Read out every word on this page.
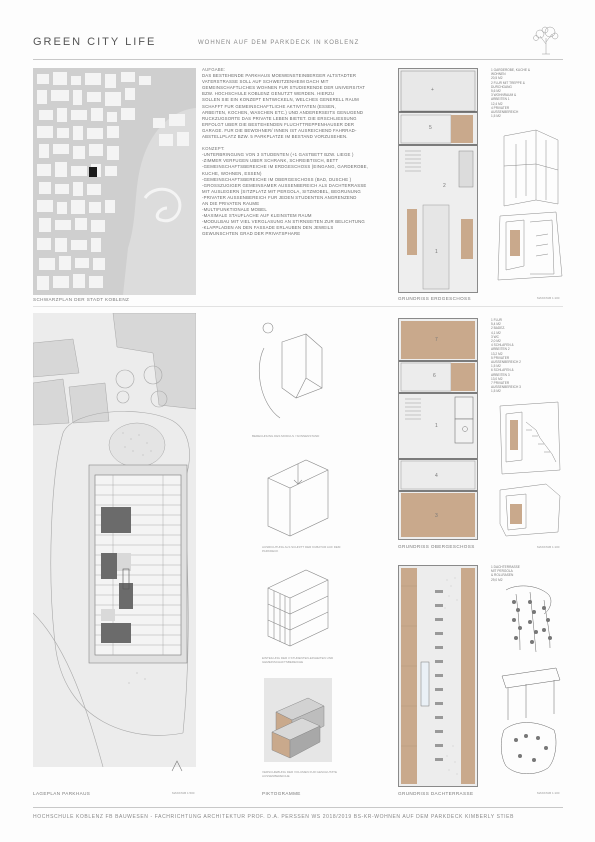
GREEN CITY LIFE	WOHNEN AUF DEM PARKDECK IN KOBLENZ
SCHWARZPLAN DER STADT KOBLENZ

AUFGABE:

DAS BESTEHENDE PARKHAUS MOEWENSTEINBERGER ALTSTADTER

VATERSTRASSE SOLL AUF SCHWEITZENHEIM DACH MIT

GEMEINSCHAFTLICHES WOHNEN FUR STUDIERENDE DER UNIVERSITAT

BZW. HOCHSCHULE KOBLENZ GENUTZT WERDEN. HIERZU

SOLLEN SIE EIN KONZEPT ENTWICKELN, WELCHES GENERELL RAUM

SCHAFFT FUR GEMEINSCHAFTLICHE AKTIVITATEN (ESSEN,

ARBEITEN, KOCHEN, WASCHEN ETC.) UND ANDERERSEITS GENUGEND

RUCKZUGSORTE DAS PRIVATE LEBEN BIETET. DIE ERSCHLIESSUNG

ERFOLGT UBER DIE BESTEHENDEN FLUCHTTREPPENHAUSER DER

GARAGE. FUR DIE BEWOHNER/ INNEN IST AUSREICHEND FAHRRAD-

ABSTELLPLATZ BZW. 5 PARKPLATZE IM BESTAND VORZUSEHEN.

KONZEPT:

-UNTERBRINGUNG VON 3 STUDENTEN (+1 GASTBETT BZW. LIEGE )

-ZIMMER VERFUGEN UBER SCHRANK, SCHREIBTISCH, BETT

-GEMEINSCHAFTSBEREICHE IM ERDGESCHOSS (EINGANG, GARDEROBE,

KUCHE, WOHNEN, ESSEN)

-GEMEINSCHAFTSBEREICHE IM OBERGESCHOSS (BAD, DUSCHE )

-GROSSZUGIGER GEMEINSAMER AUSSENBEREICH ALS DACHTERRASSE

MIT AUSLEGERN (SITZPLATZ MIT PERGOLA, SITZMOBEL, BEGRUNUNG

-PRIVATER AUSSENBEREICH FUR JEDEN STUDENTEN ANGRENZEND

AN DIE PRIVATEN RAUME

-MULTIFUNKTIONALE MOBEL

-MAXIMALE STAUFLACHE AUF KLEINSTEM RAUM

-MODULBAU MIT VIEL VERGLASUNG AN STIRNSEITEN ZUR BELICHTUNG

-KLAPPLADEN AN DEN FASSADE ERLAUBEN DEN JEWEILS

GEWUNSCHTEN GRAD DER PRIVATSPHARE

+
5
2
1
GRUNDRISS ERDGESCHOSS
1 GARDEROBE, KUCHE &
WOHNEN
20,5 M2
2 FLUR MIT TREPPE &
DURCHGANG
5,6 M2
3 WOHNRAUM &
ARBEITEN 1
12,4 M2
4 PRIVATER
AUSSENBEREICH
1,5 M2
MASSTAB 1:100
LAGEPLAN PARKHAUS	MASSTAB 1:500
BERECHNUNG DES MODULS / SONNENSTAND
AUSRICHTUNG ALS SCHNITT DER KUBATUR AUF DEM PARKDECK
EINTEILUNG DER 3 STUDENTEN-EINHEITEN UND GEMEINSCHAFTSBEREICHE
VERSCHIEBUNG DER VOLUMEN FUR GESCHUTZTE AUSSENBEREICHE
PIKTOGRAMME
7
6
1
4
3
GRUNDRISS OBERGESCHOSS
1 FLUR
5,4 M2
2 BADEZ.
4,1 M2
3 WC
2,0 M2
4 SCHLAFEN &
ARBEITEN 2
13,2 M2
5 PRIVATER
AUSSENBEREICH 2
1,5 M2
6 SCHLAFEN &
ARBEITEN 3
13,0 M2
7 PRIVATER
AUSSENBEREICH 3
1,5 M2
MASSTAB 1:100
GRUNDRISS DACHTERRASSE
1 DACHTERRASSE
MIT PERGOLA
& ROLLRASEN
29,0 M2
MASSTAB 1:100
HOCHSCHULE KOBLENZ FB BAUWESEN - FACHRICHTUNG ARCHITEKTUR PROF. D.A. PERSSEN WS 2018/2019 BS-KR-WOHNEN AUF DEM PARKDECK KIMBERLY STIEB
